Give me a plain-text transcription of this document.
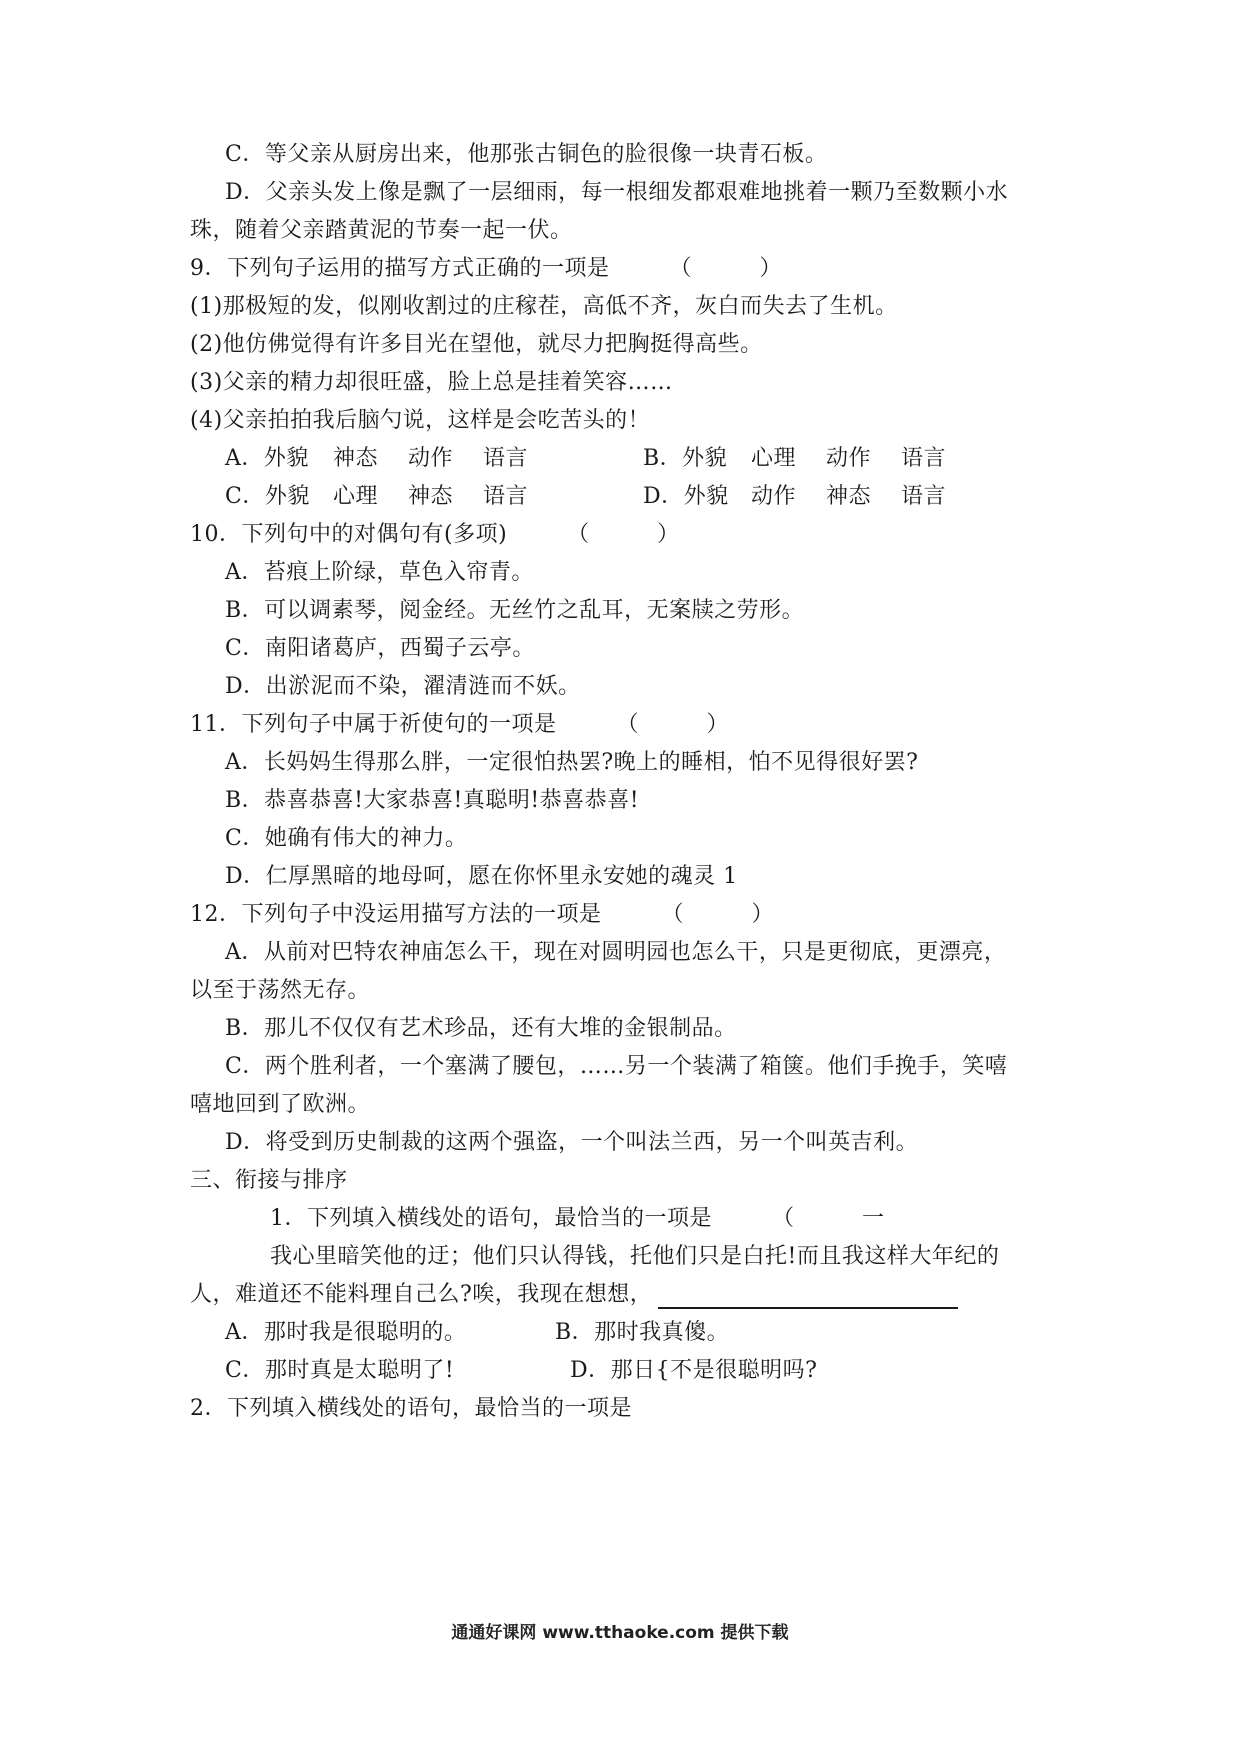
C．等父亲从厨房出来，他那张古铜色的脸很像一块青石板。
D．父亲头发上像是飘了一层细雨，每一根细发都艰难地挑着一颗乃至数颗小水
珠，随着父亲踏黄泥的节奏一起一伏。
9．下列句子运用的描写方式正确的一项是	（　　　）
(1)那极短的发，似刚收割过的庄稼茬，高低不齐，灰白而失去了生机。
(2)他仿佛觉得有许多目光在望他，就尽力把胸挺得高些。
(3)父亲的精力却很旺盛，脸上总是挂着笑容……
(4)父亲拍拍我后脑勺说，这样是会吃苦头的！
A．外貌 神态 动作 语言	B．外貌 心理 动作 语言
C．外貌 心理 神态 语言	D．外貌 动作 神态 语言
10．下列句中的对偶句有(多项)	（　　　）
A．苔痕上阶绿，草色入帘青。
B．可以调素琴，阅金经。无丝竹之乱耳，无案牍之劳形。
C．南阳诸葛庐，西蜀子云亭。
D．出淤泥而不染，濯清涟而不妖。
11．下列句子中属于祈使句的一项是	（　　　）
A．长妈妈生得那么胖，一定很怕热罢?晚上的睡相，怕不见得很好罢?
B．恭喜恭喜!大家恭喜!真聪明!恭喜恭喜!
C．她确有伟大的神力。
D．仁厚黑暗的地母呵，愿在你怀里永安她的魂灵 1
12．下列句子中没运用描写方法的一项是	（　　　）
A．从前对巴特农神庙怎么干，现在对圆明园也怎么干，只是更彻底，更漂亮，
以至于荡然无存。
B．那儿不仅仅有艺术珍品，还有大堆的金银制品。
C．两个胜利者，一个塞满了腰包，……另一个装满了箱箧。他们手挽手，笑嘻
嘻地回到了欧洲。
D．将受到历史制裁的这两个强盗，一个叫法兰西，另一个叫英吉利。
三、衔接与排序
1．下列填入横线处的语句，最恰当的一项是	（　　　一
我心里暗笑他的迂；他们只认得钱，托他们只是白托!而且我这样大年纪的
人，难道还不能料理自己么?唉，我现在想想，
A．那时我是很聪明的。	B．那时我真傻。
C．那时真是太聪明了!	D．那日{不是很聪明吗?
2．下列填入横线处的语句，最恰当的一项是
通通好课网 www.tthaoke.com 提供下载
